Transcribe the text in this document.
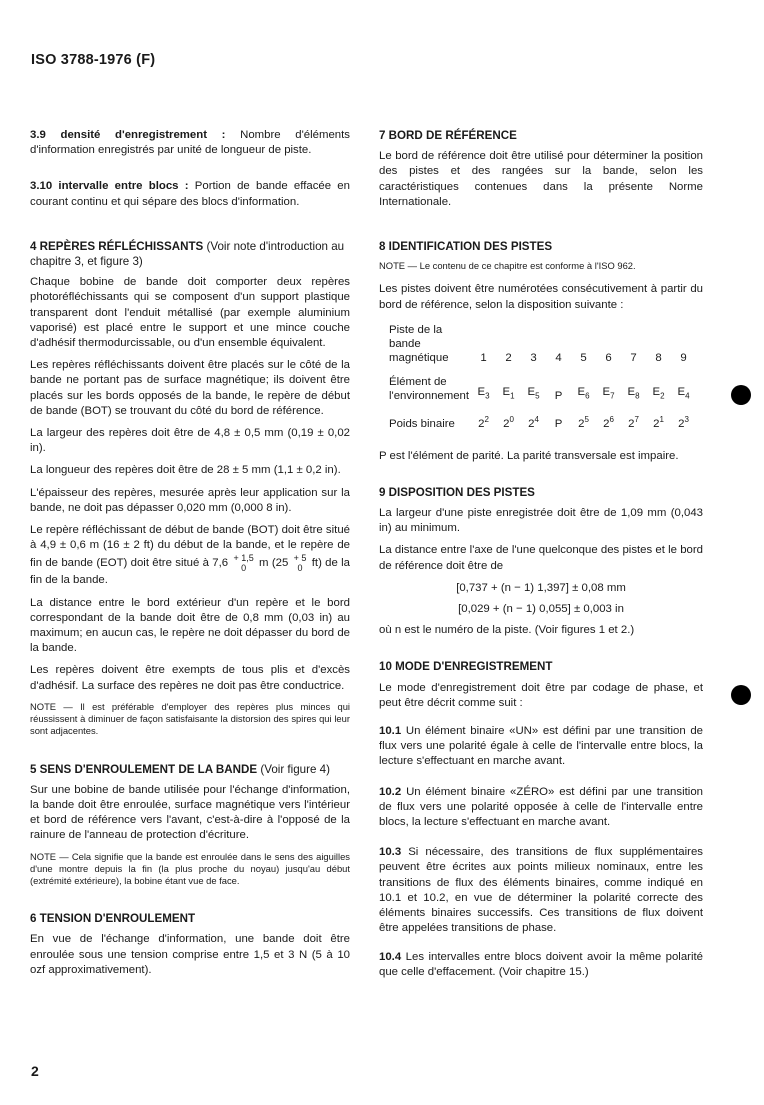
ISO 3788-1976 (F)

3.9 densité d'enregistrement : Nombre d'éléments d'information enregistrés par unité de longueur de piste.

3.10 intervalle entre blocs : Portion de bande effacée en courant continu et qui sépare des blocs d'information.

4 REPÈRES RÉFLÉCHISSANTS (Voir note d'introduction au chapitre 3, et figure 3)

Chaque bobine de bande doit comporter deux repères photoréfléchissants qui se composent d'un support plastique transparent dont l'enduit métallisé (par exemple aluminium vaporisé) est placé entre le support et une mince couche d'adhésif thermodurcissable, ou d'un ensemble équivalent.

Les repères réfléchissants doivent être placés sur le côté de la bande ne portant pas de surface magnétique; ils doivent être placés sur les bords opposés de la bande, le repère de début de bande (BOT) se trouvant du côté du bord de référence.

La largeur des repères doit être de 4,8 ± 0,5 mm (0,19 ± 0,02 in).

La longueur des repères doit être de 28 ± 5 mm (1,1 ± 0,2 in).

L'épaisseur des repères, mesurée après leur application sur la bande, ne doit pas dépasser 0,020 mm (0,000 8 in).

Le repère réfléchissant de début de bande (BOT) doit être situé à 4,9 ± 0,6 m (16 ± 2 ft) du début de la bande, et le repère de fin de bande (EOT) doit être situé à 7,6 + 1,5
0 m (25 + 5
0 ft) de la fin de la bande.

La distance entre le bord extérieur d'un repère et le bord correspondant de la bande doit être de 0,8 mm (0,03 in) au maximum; en aucun cas, le repère ne doit dépasser du bord de la bande.

Les repères doivent être exempts de tous plis et d'excès d'adhésif. La surface des repères ne doit pas être conductrice.

NOTE — Il est préférable d'employer des repères plus minces qui réussissent à diminuer de façon satisfaisante la distorsion des spires qui leur sont adjacentes.

5 SENS D'ENROULEMENT DE LA BANDE (Voir figure 4)

Sur une bobine de bande utilisée pour l'échange d'information, la bande doit être enroulée, surface magnétique vers l'intérieur et bord de référence vers l'avant, c'est-à-dire à l'opposé de la rainure de l'anneau de protection d'écriture.

NOTE — Cela signifie que la bande est enroulée dans le sens des aiguilles d'une montre depuis la fin (la plus proche du noyau) jusqu'au début (extrémité extérieure), la bobine étant vue de face.

6 TENSION D'ENROULEMENT

En vue de l'échange d'information, une bande doit être enroulée sous une tension comprise entre 1,5 et 3 N (5 à 10 ozf approximativement).

7 BORD DE RÉFÉRENCE

Le bord de référence doit être utilisé pour déterminer la position des pistes et des rangées sur la bande, selon les caractéristiques contenues dans la présente Norme Internationale.

8 IDENTIFICATION DES PISTES

NOTE — Le contenu de ce chapitre est conforme à l'ISO 962.

Les pistes doivent être numérotées consécutivement à partir du bord de référence, selon la disposition suivante :

Piste de la bande magnétique	1	2	3	4	5	6	7	8	9
Élément de l'environnement	$E_3$	$E_1$	$E_5$	P	$E_6$	$E_7$	$E_8$	$E_2$	$E_4$
Poids binaire	$2^2$	$2^0$	$2^4$	P	$2^5$	$2^6$	$2^7$	$2^1$	$2^3$

P est l'élément de parité. La parité transversale est impaire.

9 DISPOSITION DES PISTES

La largeur d'une piste enregistrée doit être de 1,09 mm (0,043 in) au minimum.

La distance entre l'axe de l'une quelconque des pistes et le bord de référence doit être de

[0,737 + (n − 1) 1,397] ± 0,08 mm
[0,029 + (n − 1) 0,055] ± 0,003 in

où n est le numéro de la piste. (Voir figures 1 et 2.)

10 MODE D'ENREGISTREMENT

Le mode d'enregistrement doit être par codage de phase, et peut être décrit comme suit :

10.1 Un élément binaire «UN» est défini par une transition de flux vers une polarité égale à celle de l'intervalle entre blocs, la lecture s'effectuant en marche avant.

10.2 Un élément binaire «ZÉRO» est défini par une transition de flux vers une polarité opposée à celle de l'intervalle entre blocs, la lecture s'effectuant en marche avant.

10.3 Si nécessaire, des transitions de flux supplémentaires peuvent être écrites aux points milieux nominaux, entre les transitions de flux des éléments binaires, comme indiqué en 10.1 et 10.2, en vue de déterminer la polarité correcte des éléments binaires successifs. Ces transitions de flux doivent être appelées transitions de phase.

10.4 Les intervalles entre blocs doivent avoir la même polarité que celle d'effacement. (Voir chapitre 15.)

2
